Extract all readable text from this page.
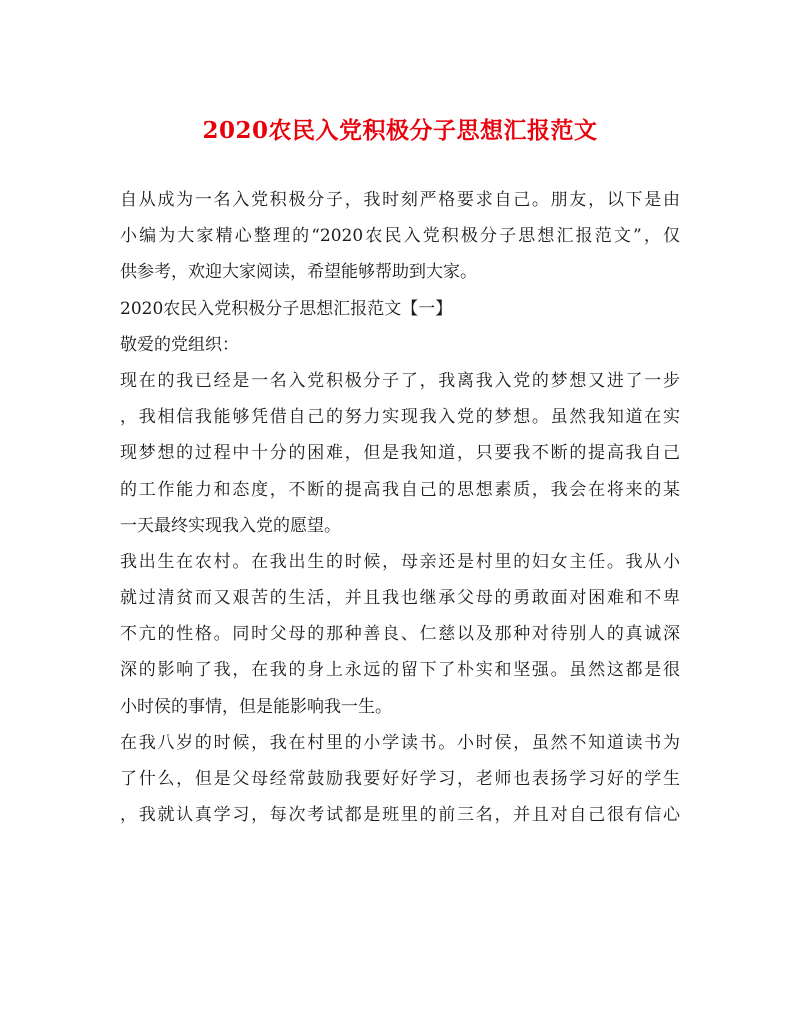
2020农民入党积极分子思想汇报范文
自从成为一名入党积极分子，我时刻严格要求自己。朋友，以下是由
小编为大家精心整理的“2020农民入党积极分子思想汇报范文”，仅
供参考，欢迎大家阅读，希望能够帮助到大家。
2020农民入党积极分子思想汇报范文【一】
敬爱的党组织：
现在的我已经是一名入党积极分子了，我离我入党的梦想又进了一步
，我相信我能够凭借自己的努力实现我入党的梦想。虽然我知道在实
现梦想的过程中十分的困难，但是我知道，只要我不断的提高我自己
的工作能力和态度，不断的提高我自己的思想素质，我会在将来的某
一天最终实现我入党的愿望。
我出生在农村。在我出生的时候，母亲还是村里的妇女主任。我从小
就过清贫而又艰苦的生活，并且我也继承父母的勇敢面对困难和不卑
不亢的性格。同时父母的那种善良、仁慈以及那种对待别人的真诚深
深的影响了我，在我的身上永远的留下了朴实和坚强。虽然这都是很
小时侯的事情，但是能影响我一生。
在我八岁的时候，我在村里的小学读书。小时侯，虽然不知道读书为
了什么，但是父母经常鼓励我要好好学习，老师也表扬学习好的学生
，我就认真学习，每次考试都是班里的前三名，并且对自己很有信心
